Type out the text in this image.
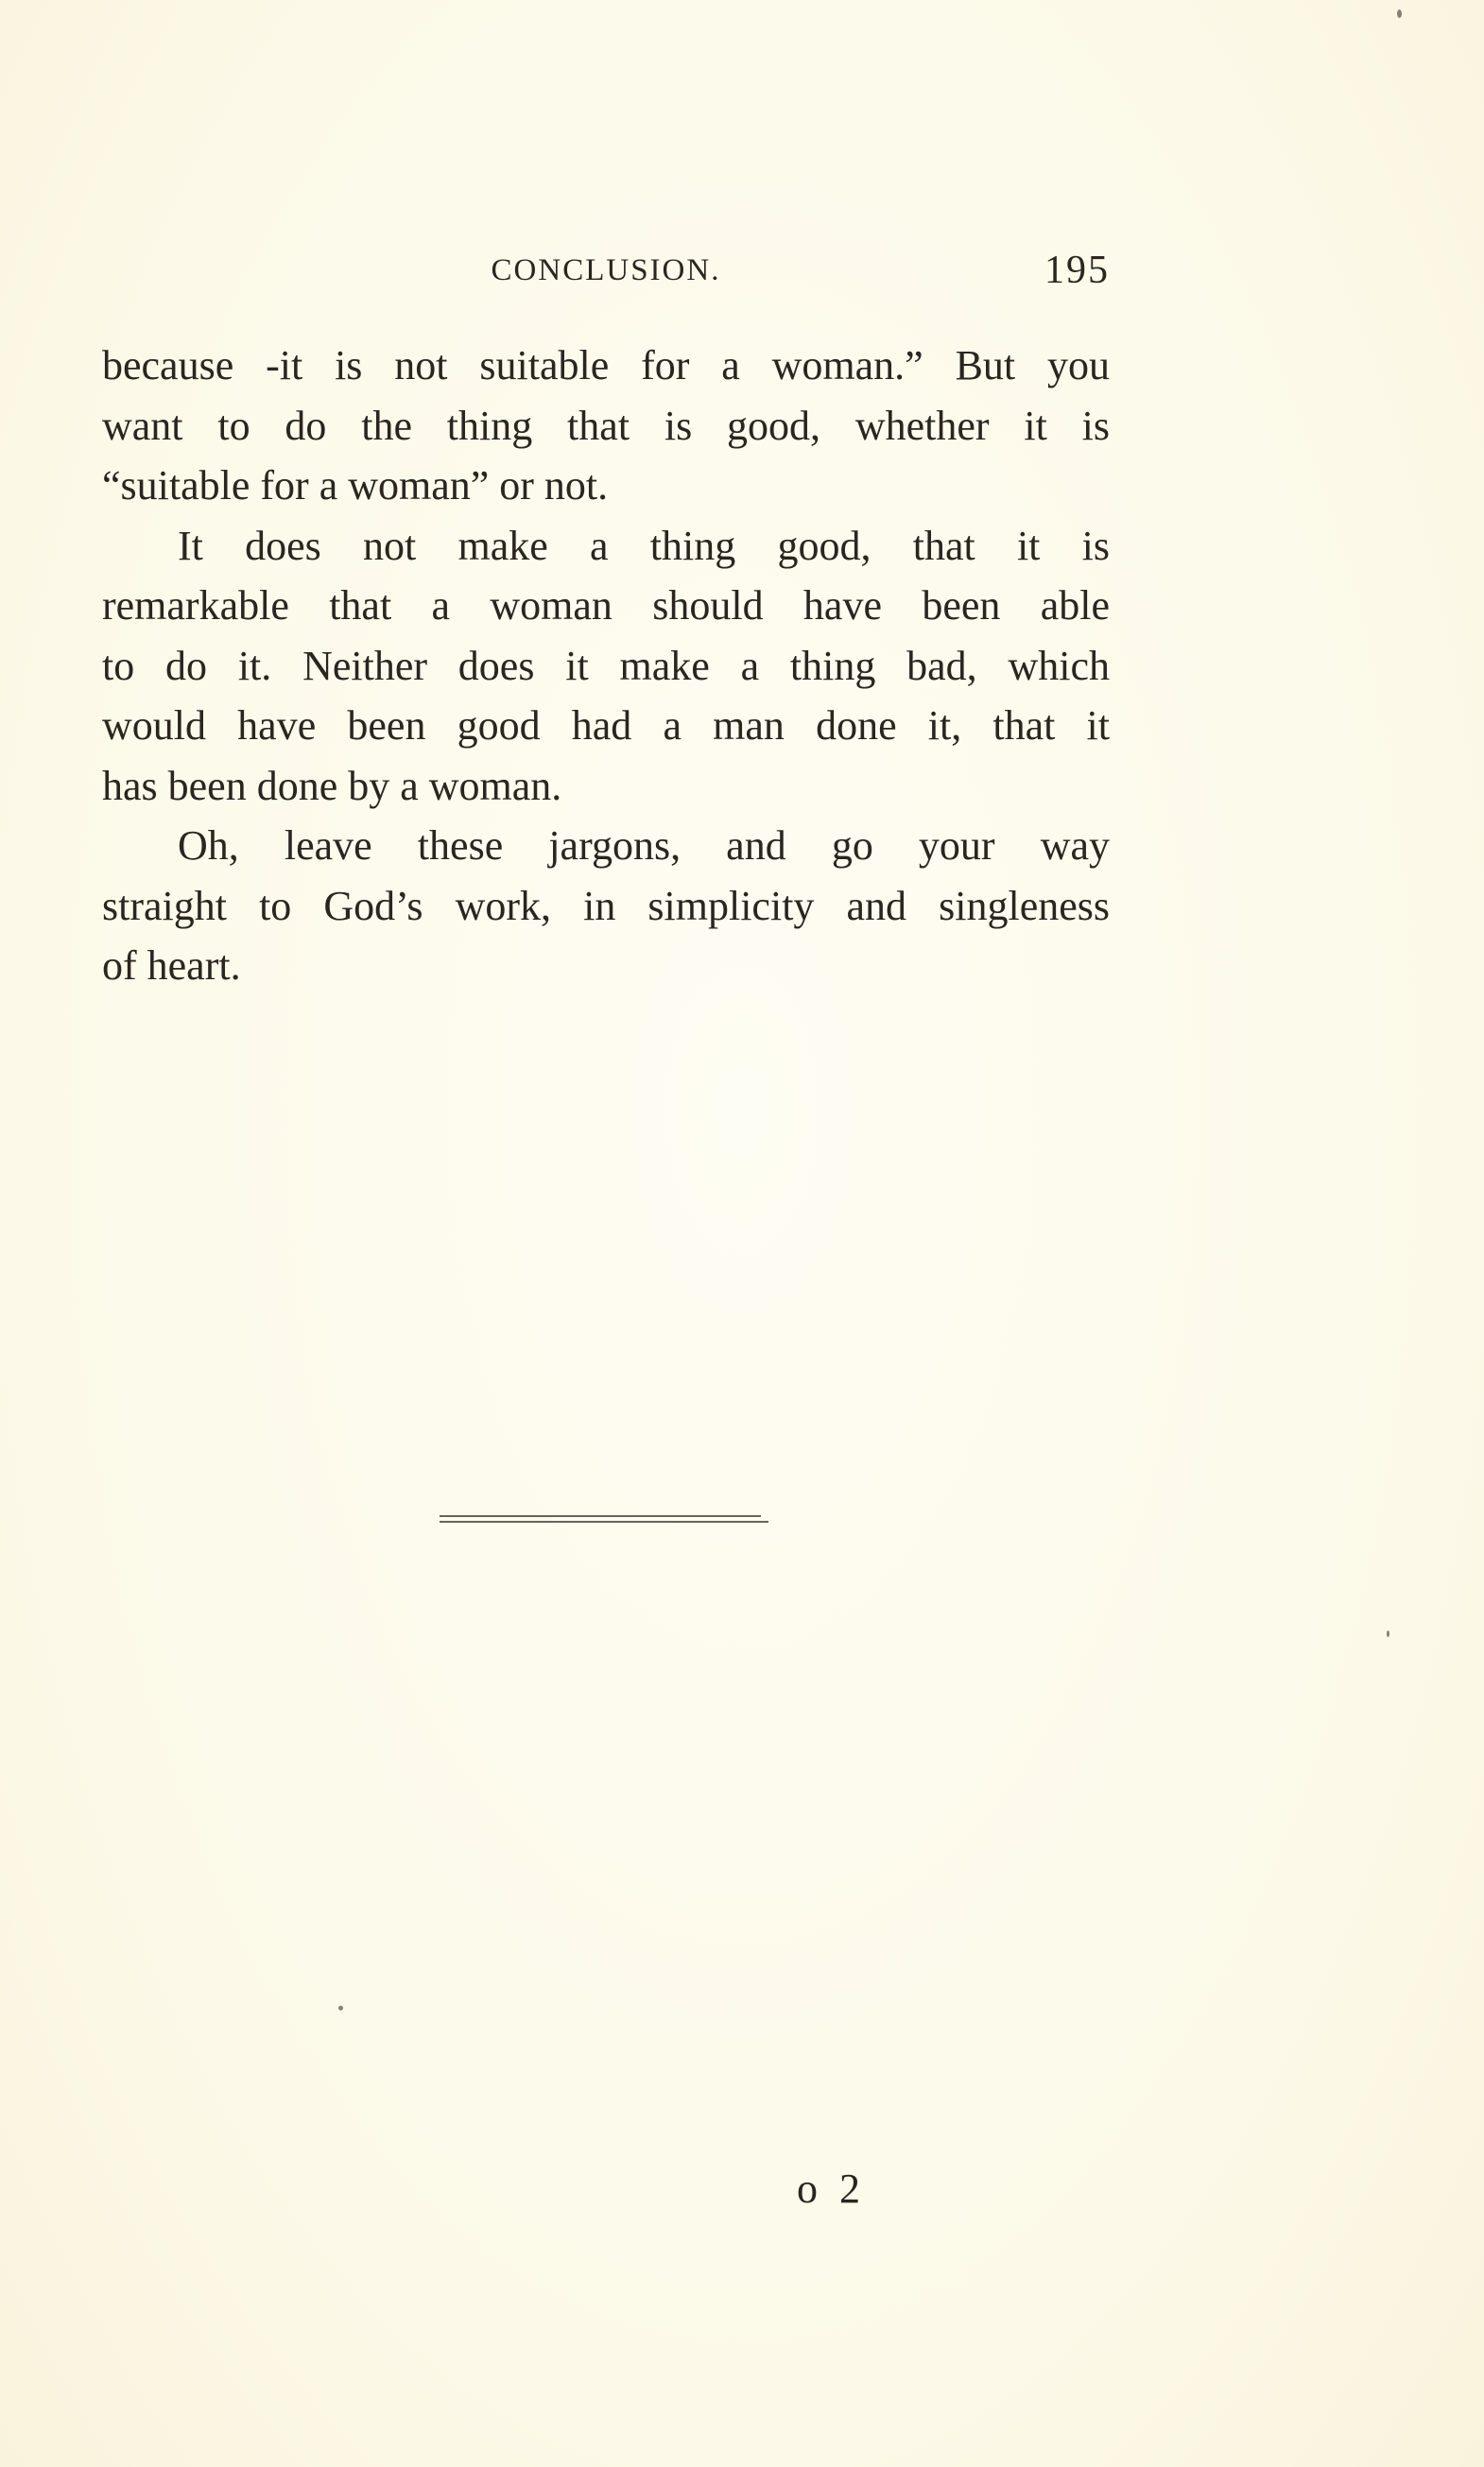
CONCLUSION.	195

because -it is not suitable for a woman.” But you
want to do the thing that is good, whether it is
“suitable for a woman” or not.

It does not make a thing good, that it is
remarkable that a woman should have been able
to do it. Neither does it make a thing bad, which
would have been good had a man done it, that it
has been done by a woman.

Oh, leave these jargons, and go your way
straight to God’s work, in simplicity and singleness
of heart.

o 2
